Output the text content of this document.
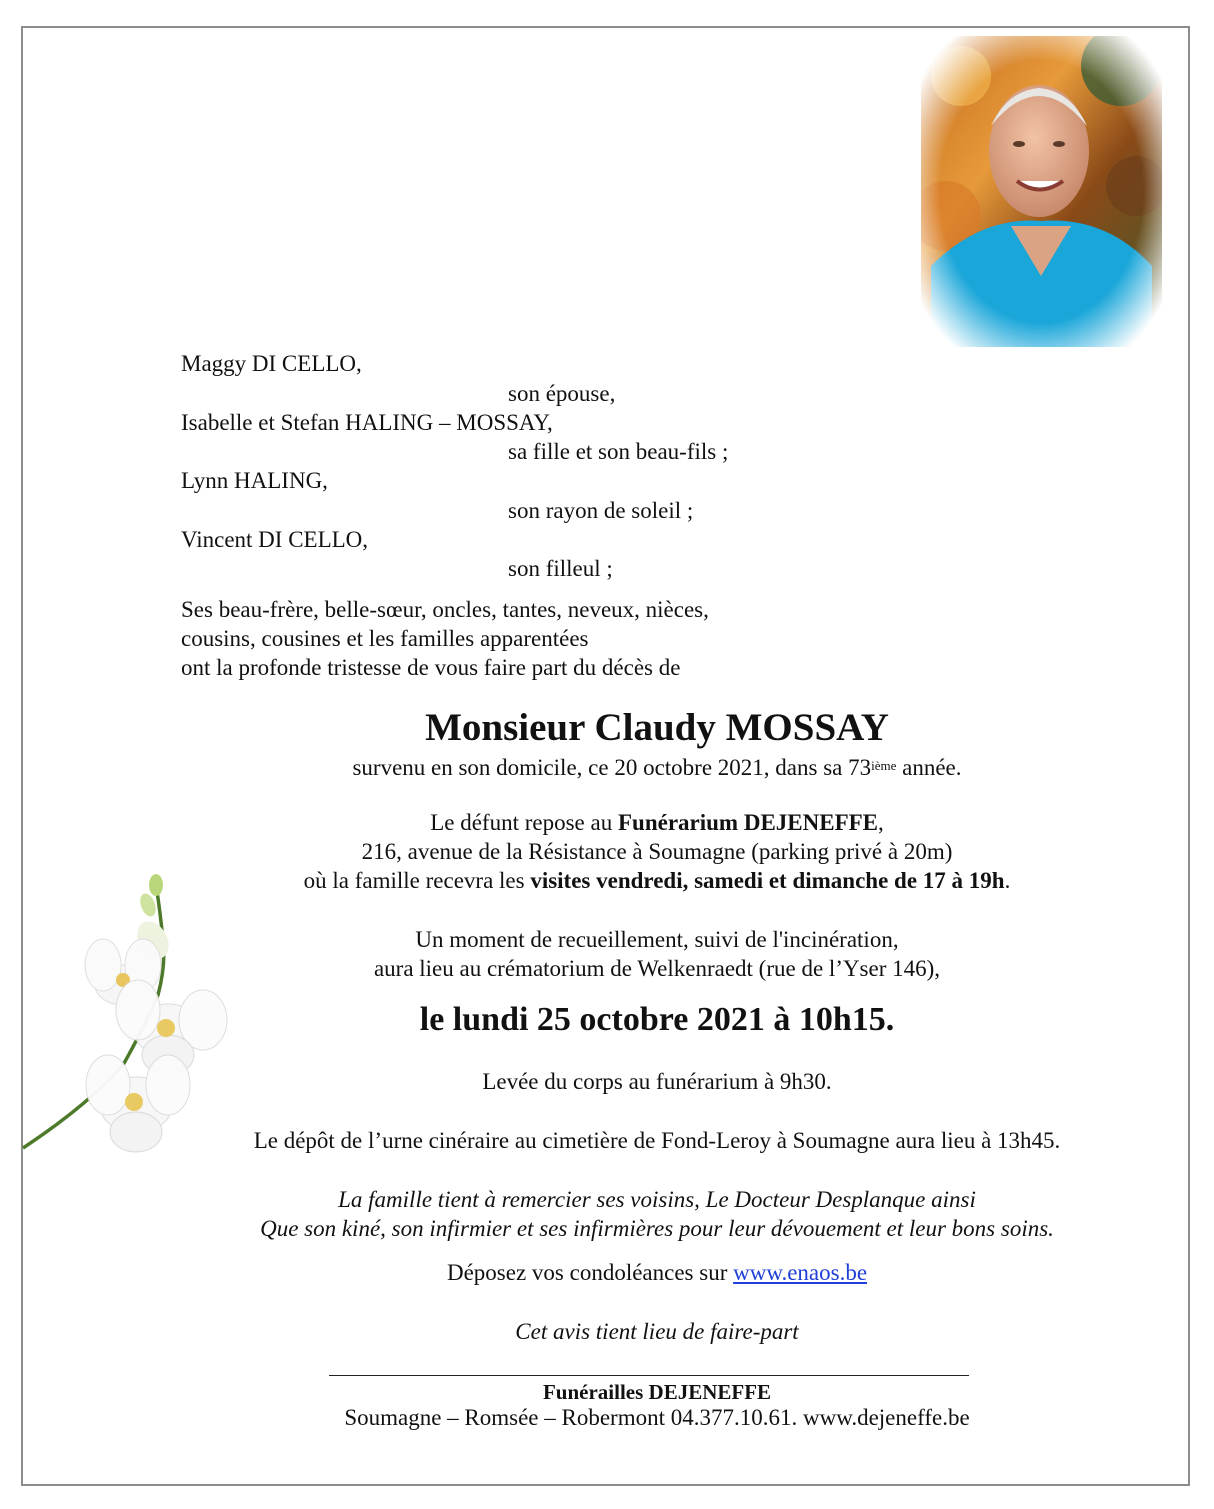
Maggy DI CELLO,

son épouse,

Isabelle et Stefan HALING – MOSSAY,

sa fille et son beau-fils ;

Lynn HALING,

son rayon de soleil ;

Vincent DI CELLO,

son filleul ;

Ses beau-frère, belle-sœur, oncles, tantes, neveux, nièces,

cousins, cousines et les familles apparentées

ont la profonde tristesse de vous faire part du décès de

Monsieur Claudy MOSSAY

survenu en son domicile, ce 20 octobre 2021, dans sa 73ième année.

Le défunt repose au Funérarium DEJENEFFE,

216, avenue de la Résistance à Soumagne (parking privé à 20m)

où la famille recevra les visites vendredi, samedi et dimanche de 17 à 19h.

Un moment de recueillement, suivi de l'incinération,

aura lieu au crématorium de Welkenraedt (rue de l’Yser 146),

le lundi 25 octobre 2021 à 10h15.

Levée du corps au funérarium à 9h30.

Le dépôt de l’urne cinéraire au cimetière de Fond-Leroy à Soumagne aura lieu à 13h45.

La famille tient à remercier ses voisins, Le Docteur Desplanque ainsi

Que son kiné, son infirmier et ses infirmières pour leur dévouement et leur bons soins.

Déposez vos condoléances sur www.enaos.be

Cet avis tient lieu de faire-part

Funérailles DEJENEFFE

Soumagne – Romsée – Robermont 04.377.10.61. www.dejeneffe.be
